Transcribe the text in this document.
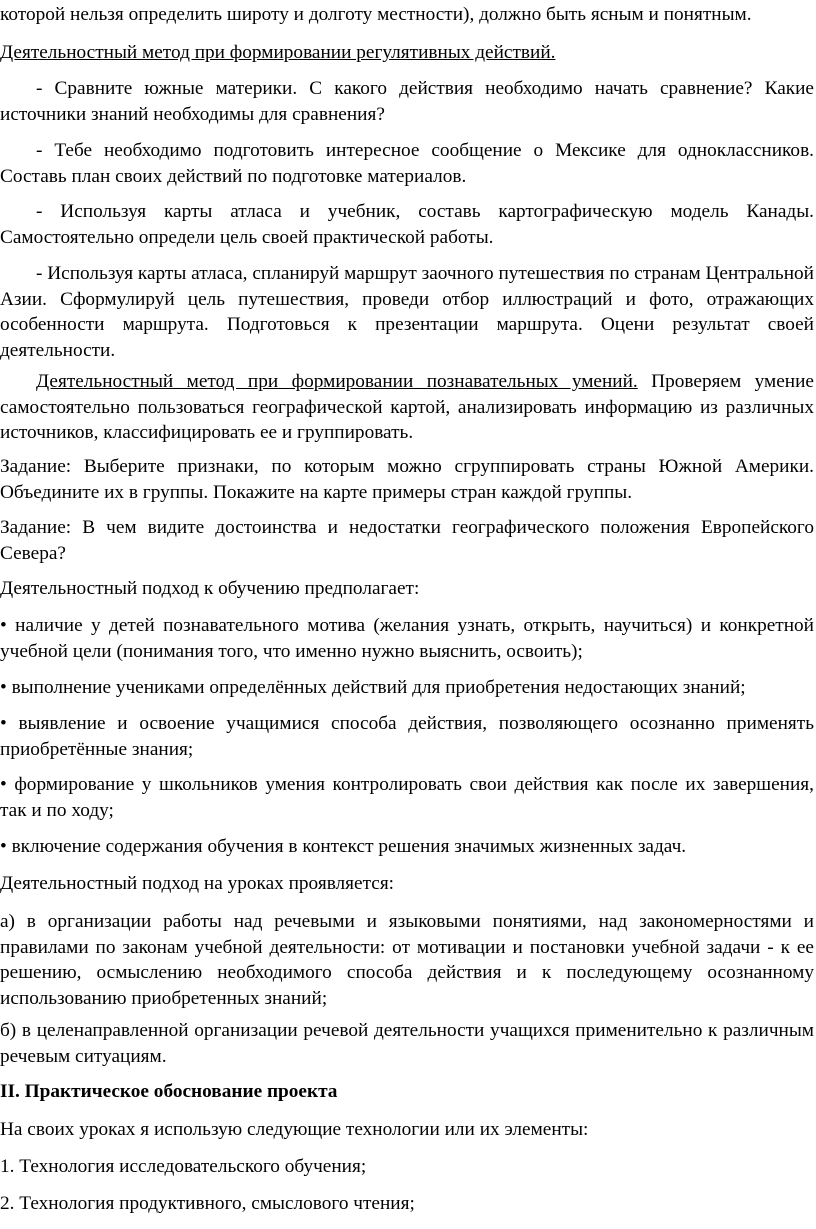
которой нельзя определить широту и долготу местности), должно быть ясным и понятным.

Деятельностный метод при формировании регулятивных действий.

- Сравните южные материки. С какого действия необходимо начать сравнение? Какие источники знаний необходимы для сравнения?

- Тебе необходимо подготовить интересное сообщение о Мексике для одноклассников. Составь план своих действий по подготовке материалов.

- Используя карты атласа и учебник, составь картографическую модель Канады. Самостоятельно определи цель своей практической работы.

- Используя карты атласа, спланируй маршрут заочного путешествия по странам Центральной Азии. Сформулируй цель путешествия, проведи отбор иллюстраций и фото, отражающих особенности маршрута. Подготовься к презентации маршрута. Оцени результат своей деятельности.

Деятельностный метод при формировании познавательных умений. Проверяем умение самостоятельно пользоваться географической картой, анализировать информацию из различных источников, классифицировать ее и группировать.

Задание: Выберите признаки, по которым можно сгруппировать страны Южной Америки. Объедините их в группы. Покажите на карте примеры стран каждой группы.

Задание: В чем видите достоинства и недостатки географического положения Европейского Севера?

Деятельностный подход к обучению предполагает:

• наличие у детей познавательного мотива (желания узнать, открыть, научиться) и конкретной учебной цели (понимания того, что именно нужно выяснить, освоить);

• выполнение учениками определённых действий для приобретения недостающих знаний;

• выявление и освоение учащимися способа действия, позволяющего осознанно применять приобретённые знания;

• формирование у школьников умения контролировать свои действия как после их завершения, так и по ходу;

• включение содержания обучения в контекст решения значимых жизненных задач.

Деятельностный подход на уроках проявляется:

а) в организации работы над речевыми и языковыми понятиями, над закономерностями и правилами по законам учебной деятельности: от мотивации и постановки учебной задачи - к ее решению, осмыслению необходимого способа действия и к последующему осознанному использованию приобретенных знаний;

б) в целенаправленной организации речевой деятельности учащихся применительно к различным речевым ситуациям.

II. Практическое обоснование проекта

На своих уроках я использую следующие технологии или их элементы:

1. Технология исследовательского обучения;

2. Технология продуктивного, смыслового чтения;
